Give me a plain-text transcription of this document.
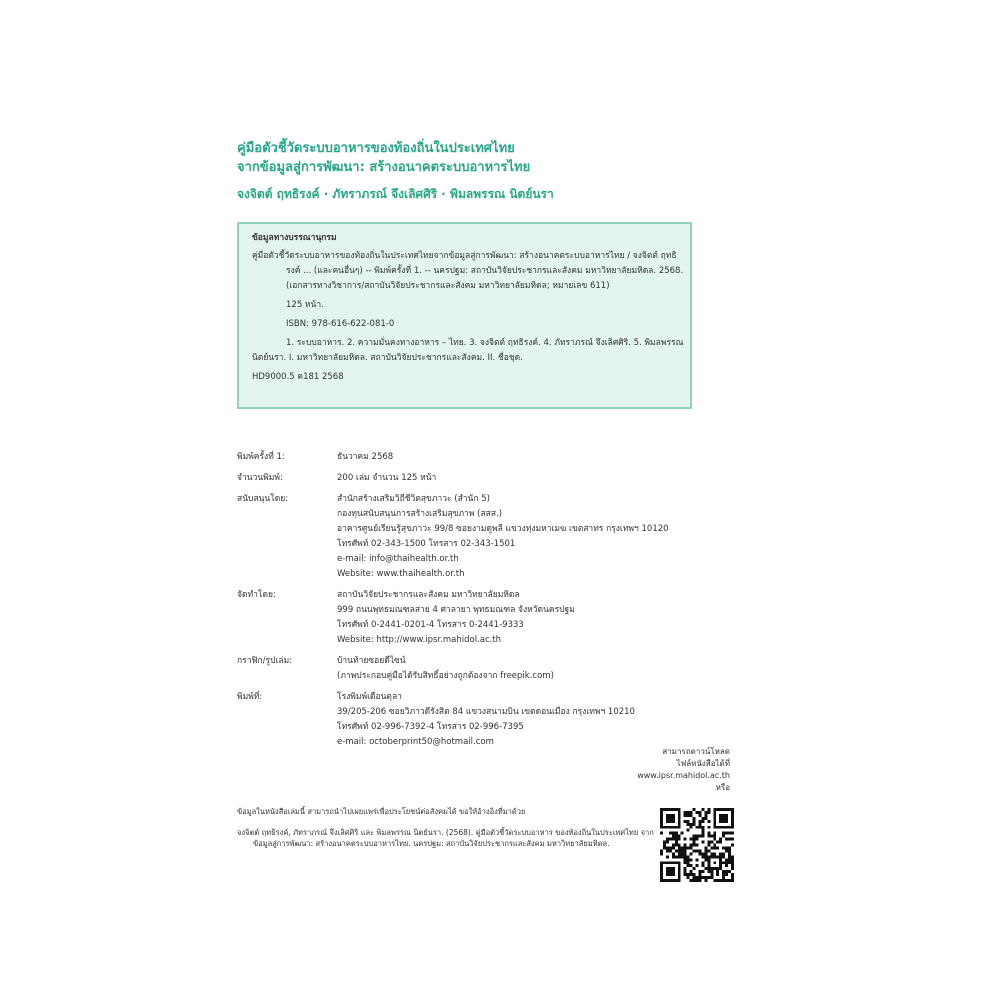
คู่มือตัวชี้วัดระบบอาหารของท้องถิ่นในประเทศไทย
จากข้อมูลสู่การพัฒนา: สร้างอนาคตระบบอาหารไทย
จงจิตต์ ฤทธิรงค์ · ภัทราภรณ์ จึงเลิศศิริ · พิมลพรรณ นิตย์นรา
ข้อมูลทางบรรณานุกรม
คู่มือตัวชี้วัดระบบอาหารของท้องถิ่นในประเทศไทยจากข้อมูลสู่การพัฒนา: สร้างอนาคตระบบอาหารไทย / จงจิตต์ ฤทธิรงค์ ... (และคนอื่นๆ) -- พิมพ์ครั้งที่ 1. -- นครปฐม: สถาบันวิจัยประชากรและสังคม มหาวิทยาลัยมหิดล. 2568. (เอกสารทางวิชาการ/สถาบันวิจัยประชากรและสังคม มหาวิทยาลัยมหิดล; หมายเลข 611)
125 หน้า.
ISBN: 978-616-622-081-0
1. ระบบอาหาร. 2. ความมั่นคงทางอาหาร – ไทย. 3. จงจิตต์ ฤทธิรงค์. 4. ภัทราภรณ์ จึงเลิศศิริ. 5. พิมลพรรณ นิตย์นรา. I. มหาวิทยาลัยมหิดล. สถาบันวิจัยประชากรและสังคม. II. ชื่อชุด.
HD9000.5 ค181 2568
พิมพ์ครั้งที่ 1:	ธันวาคม 2568
จำนวนพิมพ์:	200 เล่ม จำนวน 125 หน้า
สนับสนุนโดย:	สำนักสร้างเสริมวิถีชีวิตสุขภาวะ (สำนัก 5)
กองทุนสนับสนุนการสร้างเสริมสุขภาพ (สสส.)
อาคารศูนย์เรียนรู้สุขภาวะ 99/8 ซอยงามดูพลี แขวงทุ่งมหาเมฆ เขตสาทร กรุงเทพฯ 10120
โทรศัพท์ 02-343-1500 โทรสาร 02-343-1501
e-mail: info@thaihealth.or.th
Website: www.thaihealth.or.th
จัดทำโดย:	สถาบันวิจัยประชากรและสังคม มหาวิทยาลัยมหิดล
999 ถนนพุทธมณฑลสาย 4 ศาลายา พุทธมณฑล จังหวัดนครปฐม
โทรศัพท์ 0-2441-0201-4 โทรสาร 0-2441-9333
Website: http://www.ipsr.mahidol.ac.th
กราฟิก/รูปเล่ม:	บ้านท้ายซอยดีไซน์
(ภาพประกอบคู่มือได้รับสิทธิ์อย่างถูกต้องจาก freepik.com)
พิมพ์ที่:	โรงพิมพ์เดือนตุลา
39/205-206 ซอยวิภาวดีรังสิต 84 แขวงสนามบิน เขตดอนเมือง กรุงเทพฯ 10210
โทรศัพท์ 02-996-7392-4 โทรสาร 02-996-7395
e-mail: octoberprint50@hotmail.com
สามารถดาวน์โหลด
ไฟล์หนังสือได้ที่
www.ipsr.mahidol.ac.th
หรือ
ข้อมูลในหนังสือเล่มนี้ สามารถนำไปเผยแพร่เพื่อประโยชน์ต่อสังคมได้ ขอให้อ้างอิงที่มาด้วย
จงจิตต์ ฤทธิรงค์, ภัทราภรณ์ จึงเลิศศิริ และ พิมลพรรณ นิตย์นรา. (2568). คู่มือตัวชี้วัดระบบอาหาร ของท้องถิ่นในประเทศไทย จากข้อมูลสู่การพัฒนา: สร้างอนาคตระบบอาหารไทย. นครปฐม: สถาบันวิจัยประชากรและสังคม มหาวิทยาลัยมหิดล.
